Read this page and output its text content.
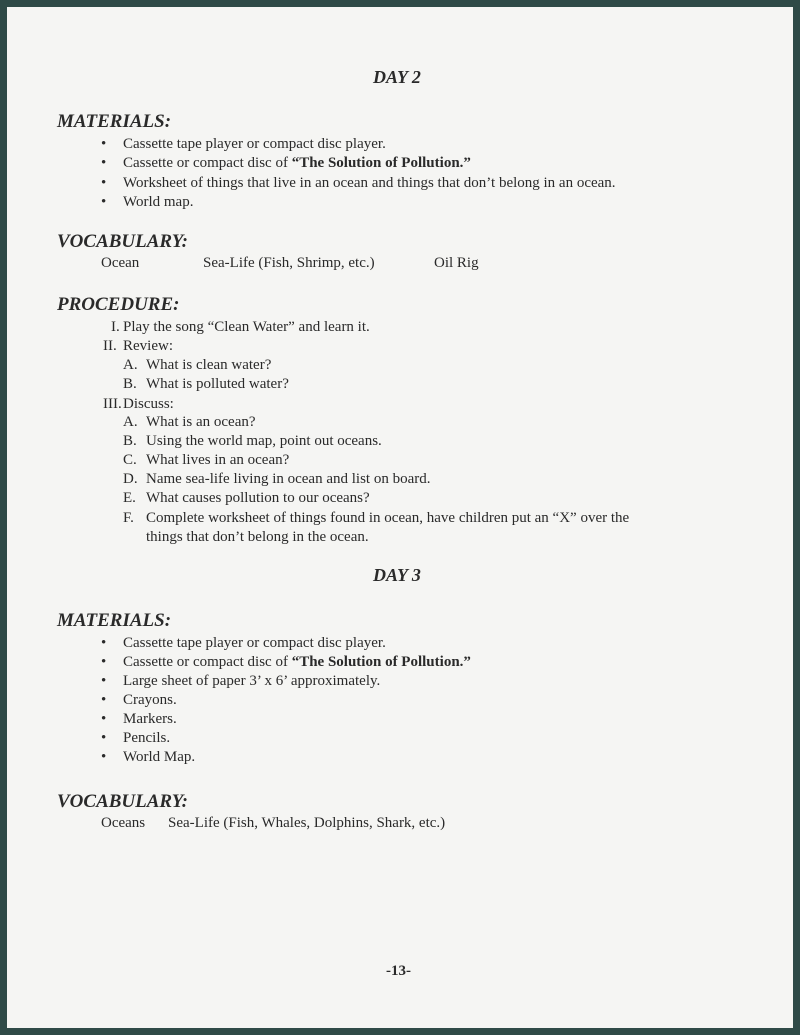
DAY 2
MATERIALS:
• Cassette tape player or compact disc player.
• Cassette or compact disc of “The Solution of Pollution.”
• Worksheet of things that live in an ocean and things that don’t belong in an ocean.
• World map.
VOCABULARY:
Ocean	Sea-Life (Fish, Shrimp, etc.)	Oil Rig
PROCEDURE:
I. Play the song “Clean Water” and learn it.
II. Review:
A. What is clean water?
B. What is polluted water?
III. Discuss:
A. What is an ocean?
B. Using the world map, point out oceans.
C. What lives in an ocean?
D. Name sea-life living in ocean and list on board.
E. What causes pollution to our oceans?
F. Complete worksheet of things found in ocean, have children put an “X” over the
things that don’t belong in the ocean.
DAY 3
MATERIALS:
• Cassette tape player or compact disc player.
• Cassette or compact disc of “The Solution of Pollution.”
• Large sheet of paper 3’ x 6’ approximately.
• Crayons.
• Markers.
• Pencils.
• World Map.
VOCABULARY:
Oceans Sea-Life (Fish, Whales, Dolphins, Shark, etc.)
-13-
